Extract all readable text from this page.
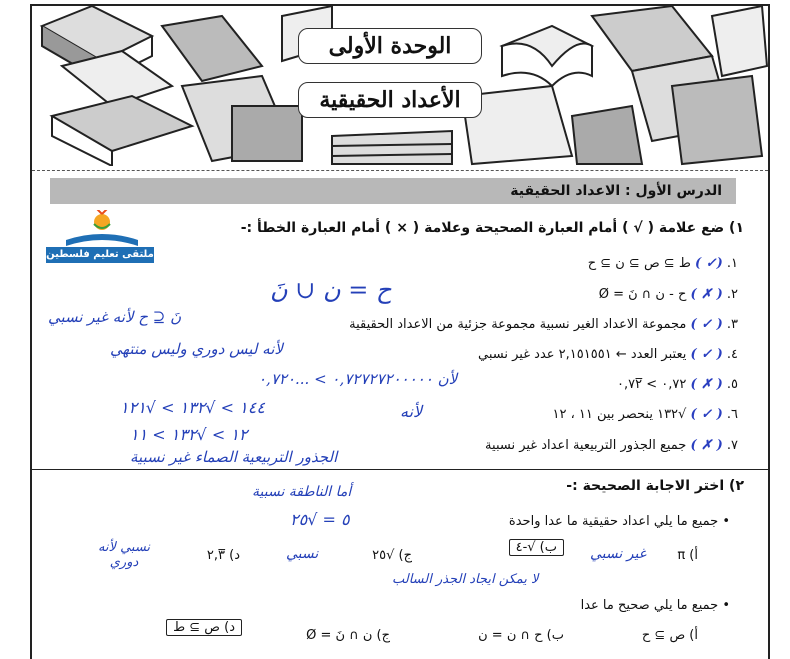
الوحدة الأولى
الأعداد الحقيقية
الدرس الأول : الاعداد الحقيقية
ملتقى تعليم فلسطين
١) ضع علامة ( √ ) أمام العبارة الصحيحة وعلامة ( × ) أمام العبارة الخطأ :-
١. (✓ ) ط ⊇ ص ⊇ ن ⊇ ح
٢. ( ✗ ) ح - ن ∩ نَ = Ø
٣. ( ✓ ) مجموعة الاعداد الغير نسبية مجموعة جزئية من الاعداد الحقيقية
٤. ( ✓ ) يعتبر العدد ← ٢,١٥١٥٥١ عدد غير نسبي
٥. ( ✗ ) ٠,٧٢ > ٠,٧٢̅
٦. ( ✓ ) √١٣٢ ينحصر بين ١١ ، ١٢
٧. ( ✗ ) جميع الجذور التربيعية اعداد غير نسبية
ح = ن ∪ نَ
نَ ⊆ ح لأنه غير نسبي
لأنه ليس دوري وليس منتهي
لأن ٠,٧٢٧٢٧٢٠٠٠٠٠ > ...٠,٧٢٠
١٤٤ > √١٣٢ > √١٢١
١٢ > √١٣٢ > ١١
لأنه
الجذور التربيعية الصماء غير نسبية
٢) اختر الاجابة الصحيحة :-
أما الناطقة نسبية
• جميع ما يلي اعداد حقيقية ما عدا واحدة
٥ = √٢٥
أ) π
غير نسبي
ب) √-٤
ج) √٢٥
نسبي
د) ٢,٣̅
نسبي لأنه دوري
لا يمكن ايجاد الجذر السالب
• جميع ما يلي صحيح ما عدا
أ) ص ⊇ ح
ب) ح ∩ ن = ن
ج) ن ∩ نَ = Ø
د) ص ⊇ ط
